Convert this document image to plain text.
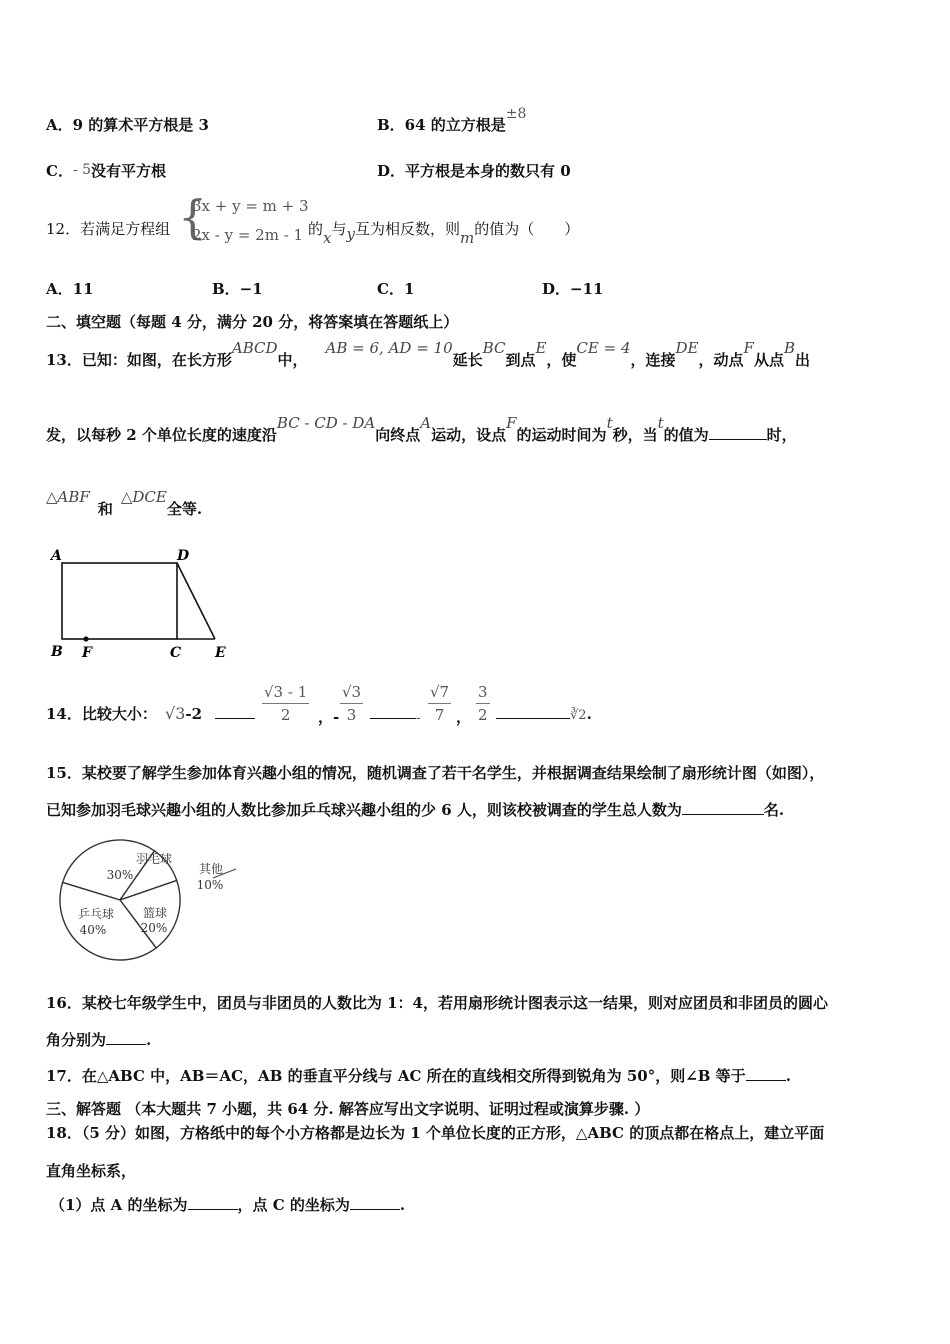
A．9 的算术平方根是 3	B．64 的立方根是±8
C．- 5没有平方根	D．平方根是本身的数只有 0
12．若满足方程组 {
3x + y = m + 3
2x - y = 2m - 1 的x与y互为相反数，则m的值为（　　）
A．11	B．−1	C．1	D．−11
二、填空题（每题 4 分，满分 20 分，将答案填在答题纸上）
13．已知：如图，在长方形ABCD中，AB = 6, AD = 10延长BC到点E，使CE = 4，连接DE，动点F从点B出
发，以每秒 2 个单位长度的速度沿BC - CD - DA向终点A运动，设点F的运动时间为t秒，当t的值为	时，
△ABF和△DCE全等.
A	D
B F	C E
14．比较大小： √3-2	$\frac{√3 - 1}{2}$ ，- $\frac{√3}{3}$	- $\frac{√7}{7}$ ， $\frac{3}{2}$	∛2.
15．某校要了解学生参加体育兴趣小组的情况，随机调查了若干名学生，并根据调查结果绘制了扇形统计图（如图），
已知参加羽毛球兴趣小组的人数比参加乒乓球兴趣小组的少 6 人，则该校被调查的学生总人数为	名.
羽毛球
30%	其他
10%
篮球
20%
乒乓球
40%
16．某校七年级学生中，团员与非团员的人数比为 1：4，若用扇形统计图表示这一结果，则对应团员和非团员的圆心
角分别为	.
17．在△ABC 中，AB＝AC，AB 的垂直平分线与 AC 所在的直线相交所得到锐角为 50°，则∠B 等于	.
三、解答题 （本大题共 7 小题，共 64 分. 解答应写出文字说明、证明过程或演算步骤. ）
18．（5 分）如图，方格纸中的每个小方格都是边长为 1 个单位长度的正方形，△ABC 的顶点都在格点上，建立平面
直角坐标系，
（1）点 A 的坐标为	，点 C 的坐标为	.
